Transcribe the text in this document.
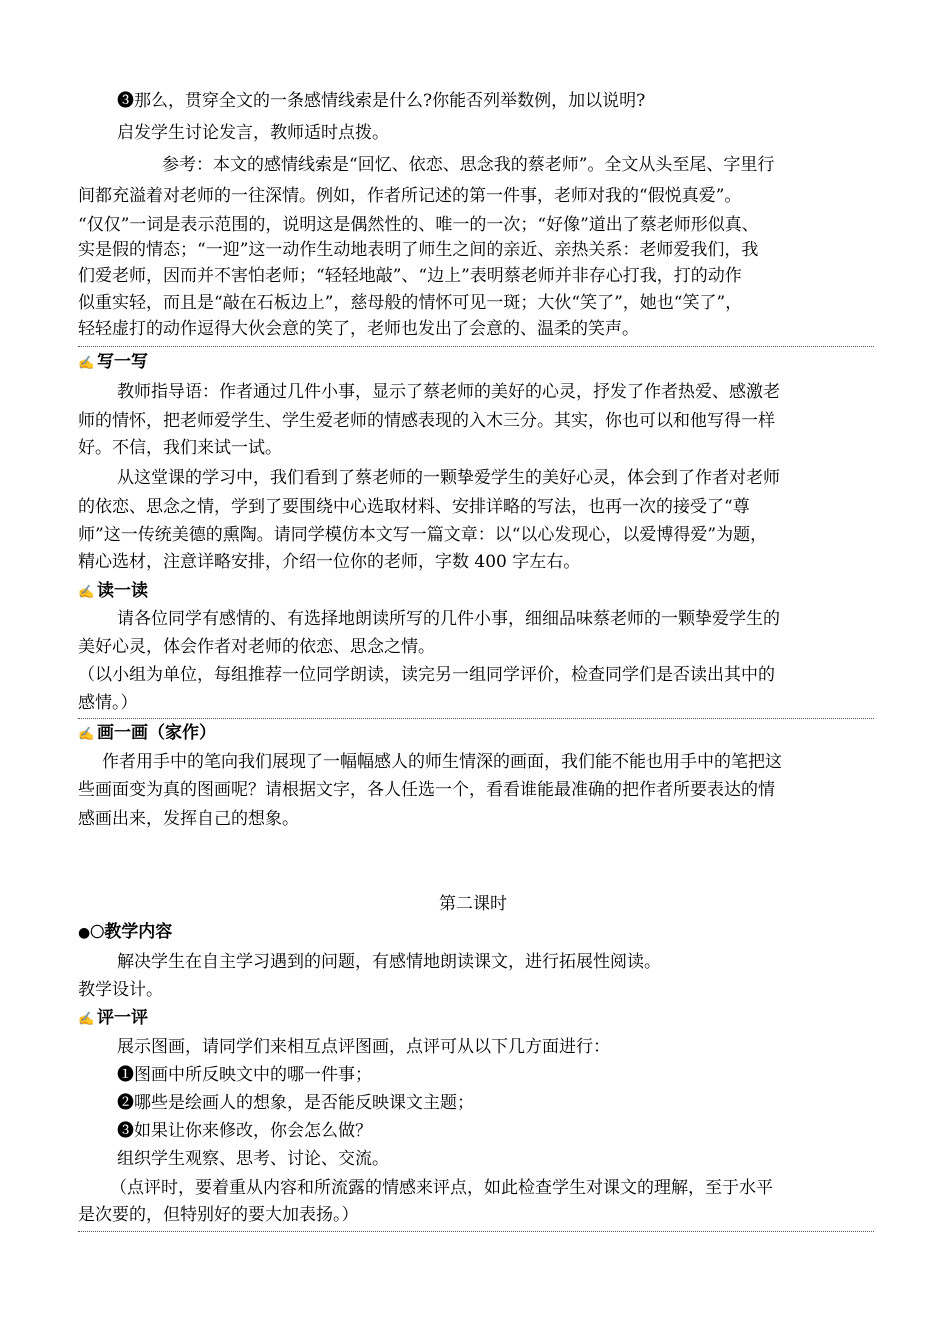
❸那么，贯穿全文的一条感情线索是什么?你能否列举数例，加以说明?
启发学生讨论发言，教师适时点拨。
参考：本文的感情线索是“回忆、依恋、思念我的蔡老师”。全文从头至尾、字里行
间都充溢着对老师的一往深情。例如，作者所记述的第一件事，老师对我的“假悦真爱”。
“仅仅”一词是表示范围的，说明这是偶然性的、唯一的一次；“好像”道出了蔡老师形似真、
实是假的情态；“一迎”这一动作生动地表明了师生之间的亲近、亲热关系：老师爱我们，我
们爱老师，因而并不害怕老师；“轻轻地敲”、“边上”表明蔡老师并非存心打我，打的动作
似重实轻，而且是“敲在石板边上”，慈母般的情怀可见一斑；大伙“笑了”，她也“笑了”，
轻轻虚打的动作逗得大伙会意的笑了，老师也发出了会意的、温柔的笑声。
✍ 写一写
教师指导语：作者通过几件小事，显示了蔡老师的美好的心灵，抒发了作者热爱、感激老
师的情怀，把老师爱学生、学生爱老师的情感表现的入木三分。其实，你也可以和他写得一样
好。不信，我们来试一试。
从这堂课的学习中，我们看到了蔡老师的一颗挚爱学生的美好心灵，体会到了作者对老师
的依恋、思念之情，学到了要围绕中心选取材料、安排详略的写法，也再一次的接受了“尊
师”这一传统美德的熏陶。请同学模仿本文写一篇文章：以“以心发现心，以爱博得爱”为题，
精心选材，注意详略安排，介绍一位你的老师，字数 400 字左右。
✍ 读一读
请各位同学有感情的、有选择地朗读所写的几件小事，细细品味蔡老师的一颗挚爱学生的
美好心灵，体会作者对老师的依恋、思念之情。
（以小组为单位，每组推荐一位同学朗读，读完另一组同学评价，检查同学们是否读出其中的
感情。）
✍ 画一画（家作）
作者用手中的笔向我们展现了一幅幅感人的师生情深的画面，我们能不能也用手中的笔把这
些画面变为真的图画呢？请根据文字，各人任选一个，看看谁能最准确的把作者所要表达的情
感画出来，发挥自己的想象。
第二课时
●〇教学内容
解决学生在自主学习遇到的问题，有感情地朗读课文，进行拓展性阅读。
教学设计。
✍ 评一评
展示图画，请同学们来相互点评图画，点评可从以下几方面进行：
❶图画中所反映文中的哪一件事；
❷哪些是绘画人的想象，是否能反映课文主题；
❸如果让你来修改，你会怎么做？
组织学生观察、思考、讨论、交流。
（点评时，要着重从内容和所流露的情感来评点，如此检查学生对课文的理解，至于水平
是次要的，但特别好的要大加表扬。）
